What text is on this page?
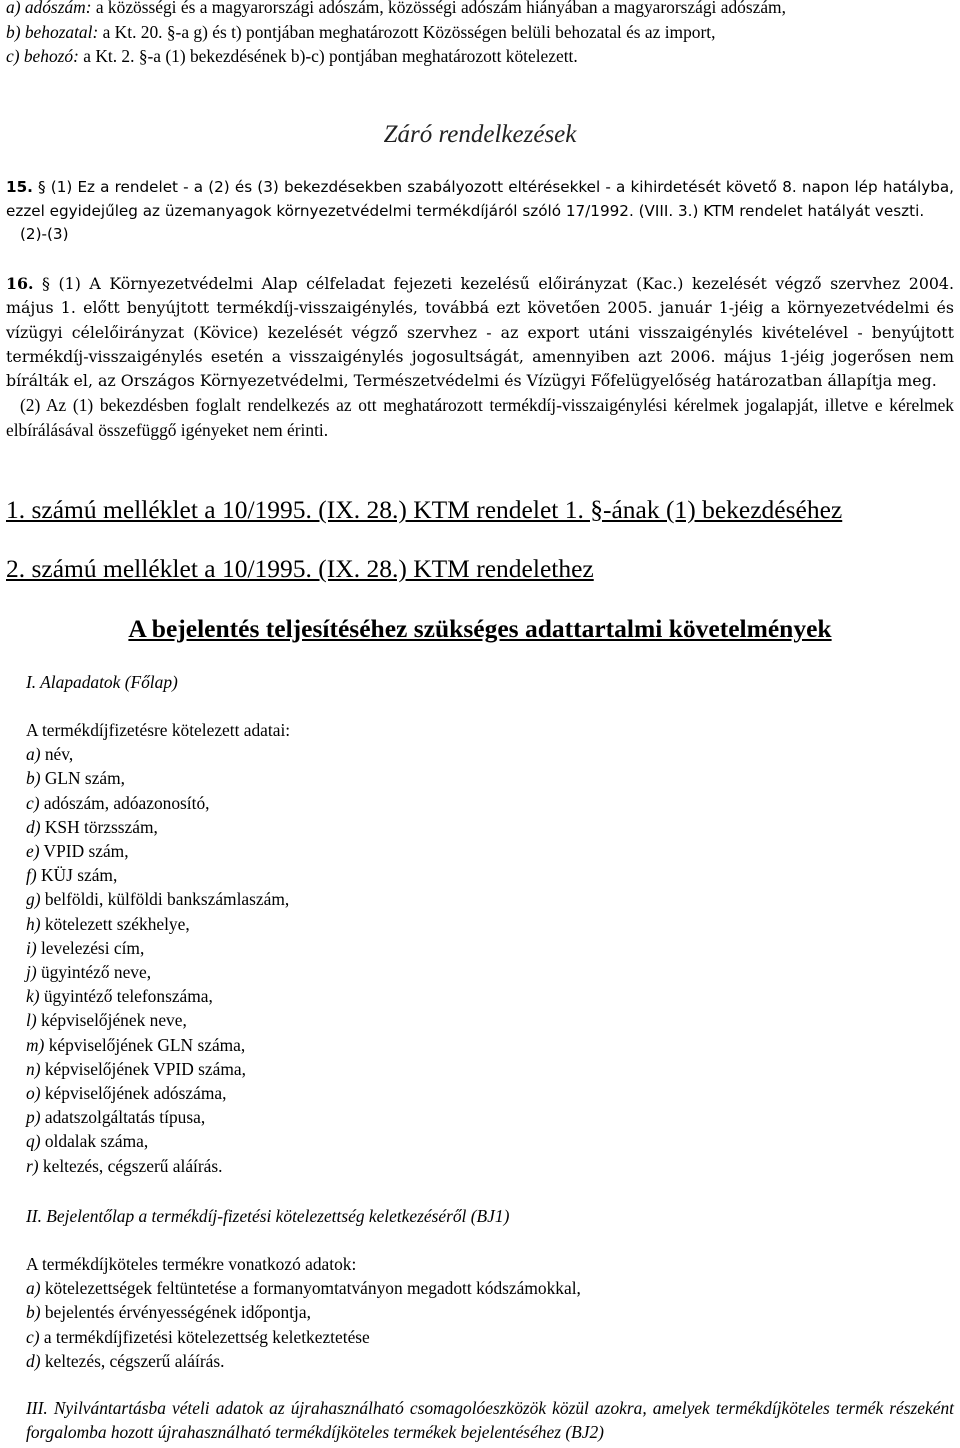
a) adószám: a közösségi és a magyarországi adószám, közösségi adószám hiányában a magyarországi adószám,

b) behozatal: a Kt. 20. §-a g) és t) pontjában meghatározott Közösségen belüli behozatal és az import,

c) behozó: a Kt. 2. §-a (1) bekezdésének b)-c) pontjában meghatározott kötelezett.

Záró rendelkezések

15. § (1) Ez a rendelet - a (2) és (3) bekezdésekben szabályozott eltérésekkel - a kihirdetését követő 8. napon lép hatályba, ezzel egyidejűleg az üzemanyagok környezetvédelmi termékdíjáról szóló 17/1992. (VIII. 3.) KTM rendelet hatályát veszti.

(2)-(3)

16. § (1) A Környezetvédelmi Alap célfeladat fejezeti kezelésű előirányzat (Kac.) kezelését végző szervhez 2004. május 1. előtt benyújtott termékdíj-visszaigénylés, továbbá ezt követően 2005. január 1-jéig a környezetvédelmi és vízügyi célelőirányzat (Kövice) kezelését végző szervhez - az export utáni visszaigénylés kivételével - benyújtott termékdíj-visszaigénylés esetén a visszaigénylés jogosultságát, amennyiben azt 2006. május 1-jéig jogerősen nem bírálták el, az Országos Környezetvédelmi, Természetvédelmi és Vízügyi Főfelügyelőség határozatban állapítja meg.

(2) Az (1) bekezdésben foglalt rendelkezés az ott meghatározott termékdíj-visszaigénylési kérelmek jogalapját, illetve e kérelmek elbírálásával összefüggő igényeket nem érinti.

1. számú melléklet a 10/1995. (IX. 28.) KTM rendelet 1. §-ának (1) bekezdéséhez

2. számú melléklet a 10/1995. (IX. 28.) KTM rendelethez

A bejelentés teljesítéséhez szükséges adattartalmi követelmények

I. Alapadatok (Főlap)

A termékdíjfizetésre kötelezett adatai:

a) név,

b) GLN szám,

c) adószám, adóazonosító,

d) KSH törzsszám,

e) VPID szám,

f) KÜJ szám,

g) belföldi, külföldi bankszámlaszám,

h) kötelezett székhelye,

i) levelezési cím,

j) ügyintéző neve,

k) ügyintéző telefonszáma,

l) képviselőjének neve,

m) képviselőjének GLN száma,

n) képviselőjének VPID száma,

o) képviselőjének adószáma,

p) adatszolgáltatás típusa,

q) oldalak száma,

r) keltezés, cégszerű aláírás.

II. Bejelentőlap a termékdíj-fizetési kötelezettség keletkezéséről (BJ1)

A termékdíjköteles termékre vonatkozó adatok:

a) kötelezettségek feltüntetése a formanyomtatványon megadott kódszámokkal,

b) bejelentés érvényességének időpontja,

c) a termékdíjfizetési kötelezettség keletkeztetése

d) keltezés, cégszerű aláírás.

III. Nyilvántartásba vételi adatok az újrahasználható csomagolóeszközök közül azokra, amelyek termékdíjköteles termék részeként forgalomba hozott újrahasználható termékdíjköteles termékek bejelentéséhez (BJ2)
